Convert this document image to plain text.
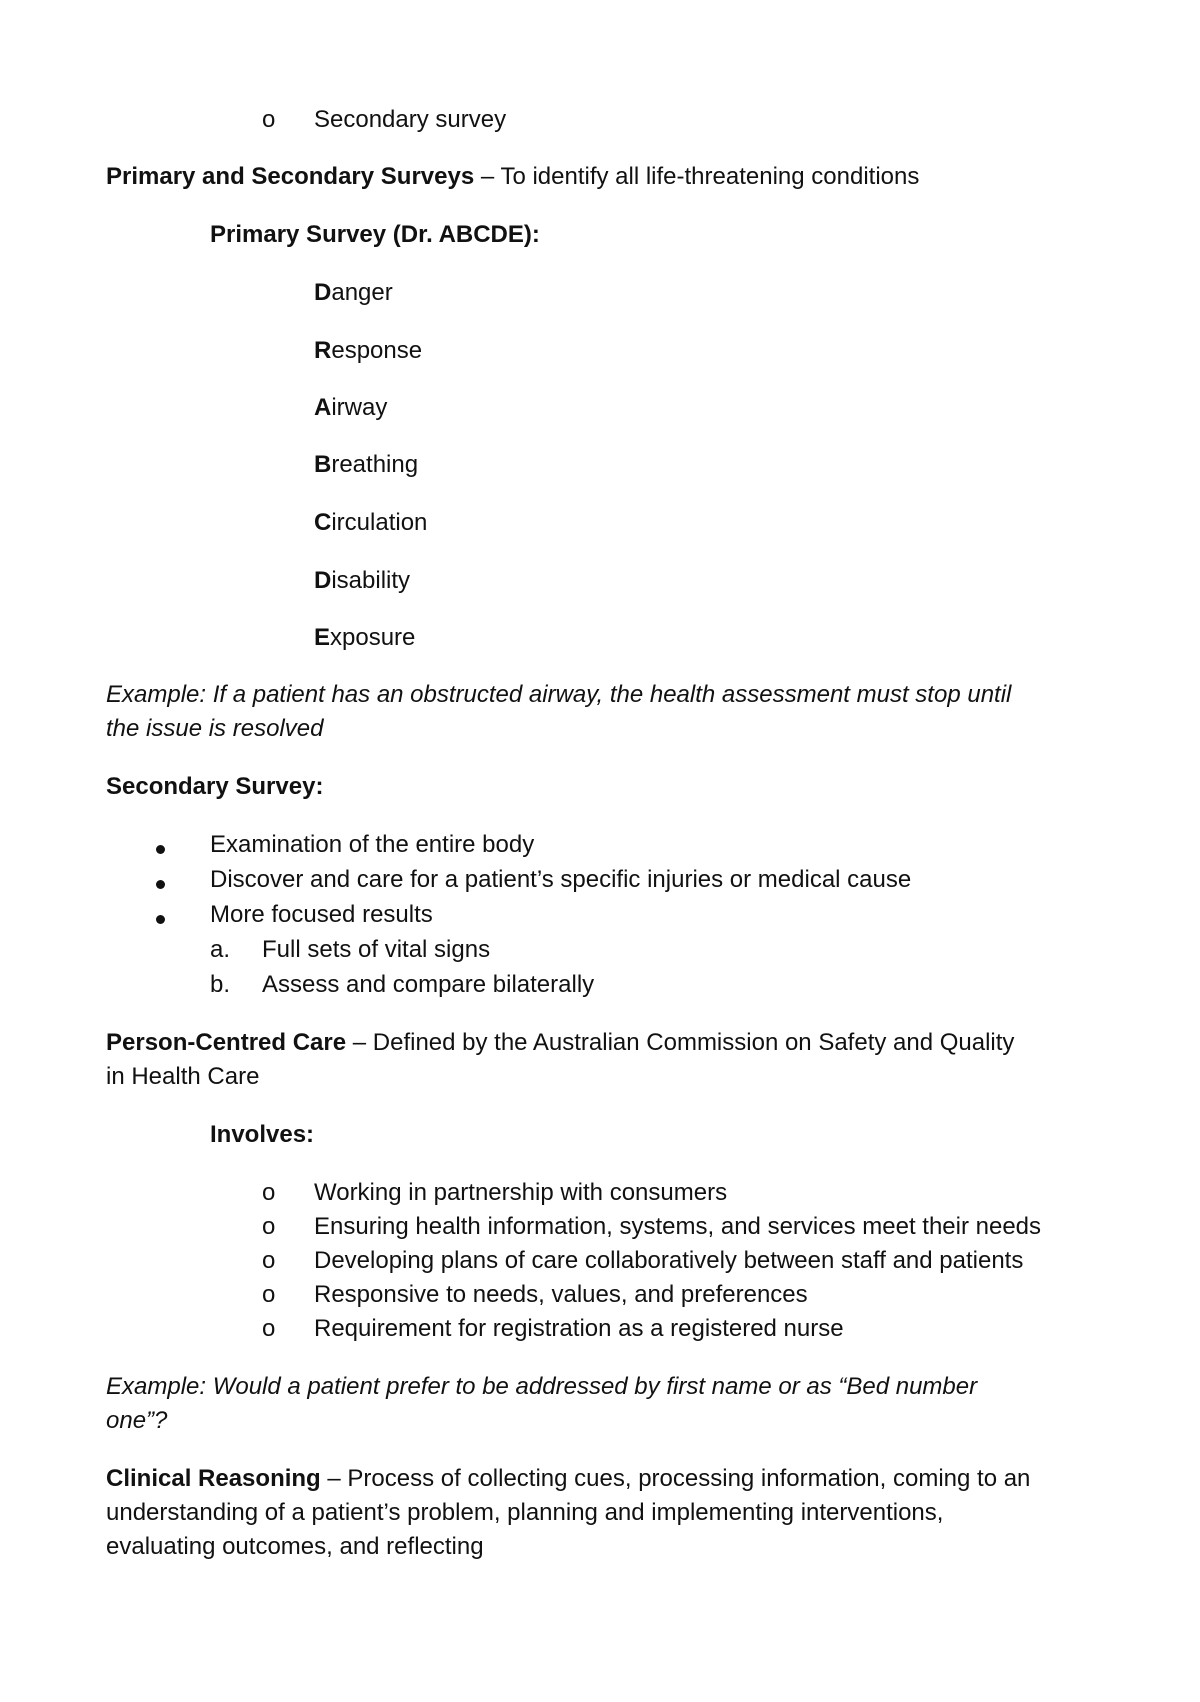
o Secondary survey
Primary and Secondary Surveys – To identify all life-threatening conditions
Primary Survey (Dr. ABCDE):
Danger
Response
Airway
Breathing
Circulation
Disability
Exposure
Example: If a patient has an obstructed airway, the health assessment must stop until
the issue is resolved
Secondary Survey:
Examination of the entire body
Discover and care for a patient’s specific injuries or medical cause
More focused results
a. Full sets of vital signs
b. Assess and compare bilaterally
Person-Centred Care – Defined by the Australian Commission on Safety and Quality
in Health Care
Involves:
o Working in partnership with consumers
o Ensuring health information, systems, and services meet their needs
o Developing plans of care collaboratively between staff and patients
o Responsive to needs, values, and preferences
o Requirement for registration as a registered nurse
Example: Would a patient prefer to be addressed by first name or as “Bed number
one”?
Clinical Reasoning – Process of collecting cues, processing information, coming to an
understanding of a patient’s problem, planning and implementing interventions,
evaluating outcomes, and reflecting
